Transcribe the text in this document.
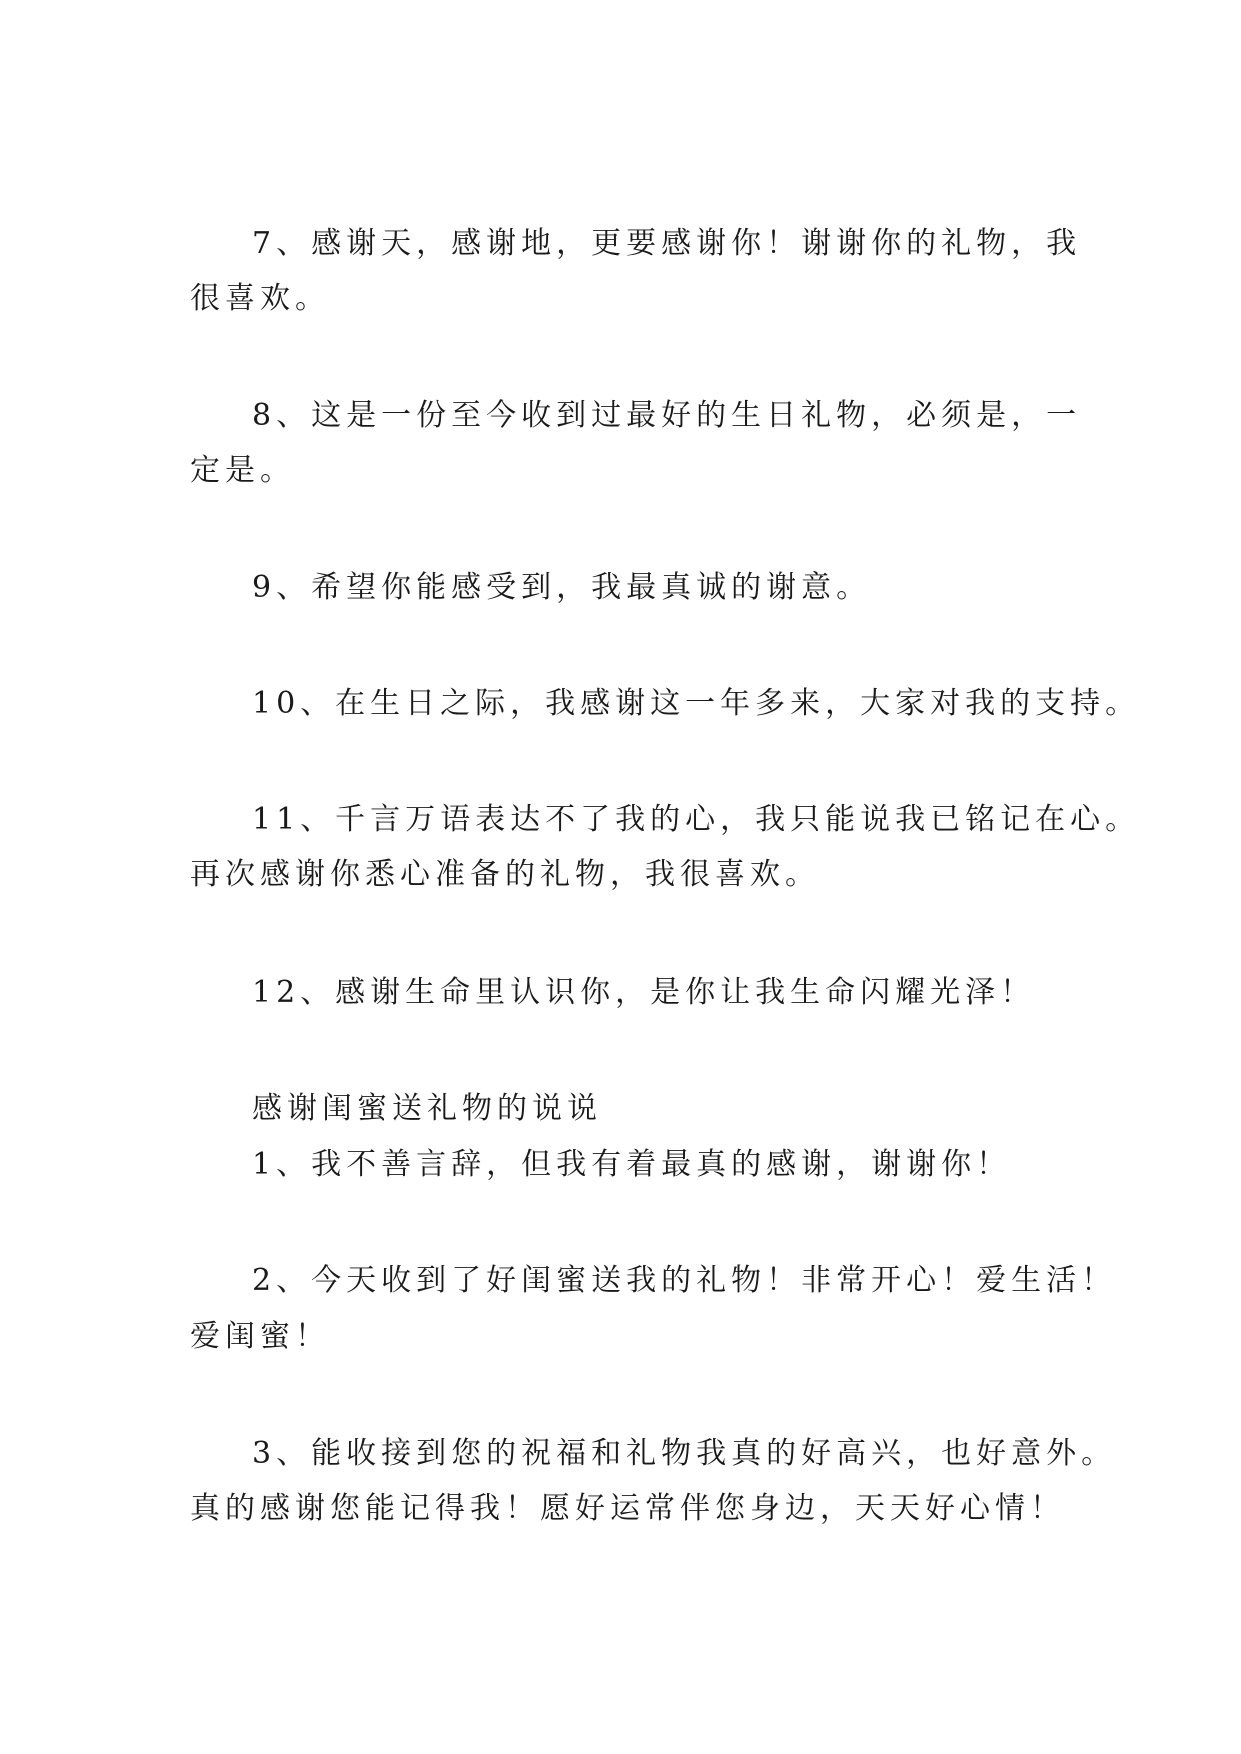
7、感谢天，感谢地，更要感谢你！谢谢你的礼物，我
很喜欢。
8、这是一份至今收到过最好的生日礼物，必须是，一
定是。
9、希望你能感受到，我最真诚的谢意。
10、在生日之际，我感谢这一年多来，大家对我的支持。
11、千言万语表达不了我的心，我只能说我已铭记在心。
再次感谢你悉心准备的礼物，我很喜欢。
12、感谢生命里认识你，是你让我生命闪耀光泽！
感谢闺蜜送礼物的说说
1、我不善言辞，但我有着最真的感谢，谢谢你！
2、今天收到了好闺蜜送我的礼物！非常开心！爱生活！
爱闺蜜！
3、能收接到您的祝福和礼物我真的好高兴，也好意外。
真的感谢您能记得我！愿好运常伴您身边，天天好心情！
